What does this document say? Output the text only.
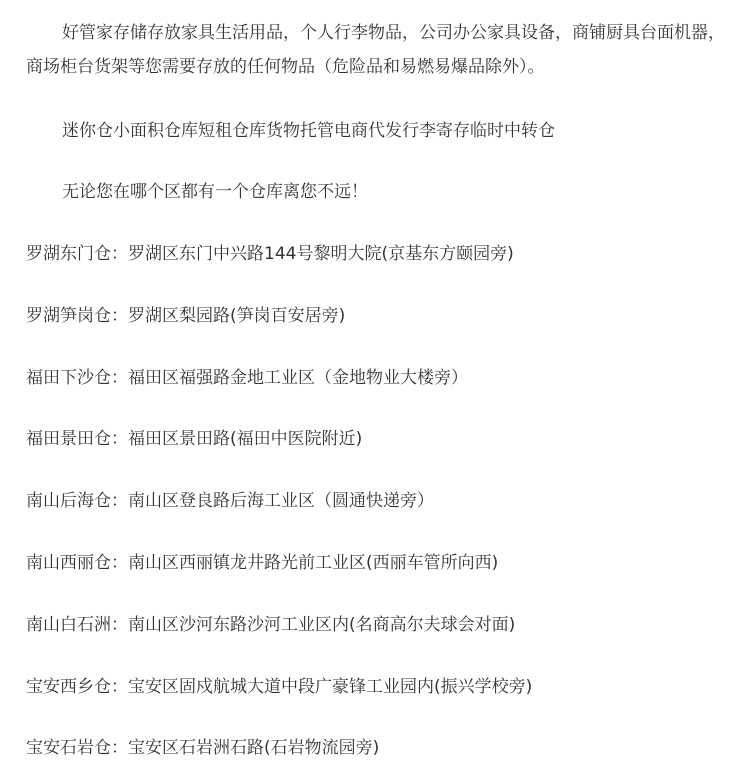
好管家存储存放家具生活用品，个人行李物品，公司办公家具设备，商铺厨具台面机器，商场柜台货架等您需要存放的任何物品（危险品和易燃易爆品除外）。

迷你仓小面积仓库短租仓库货物托管电商代发行李寄存临时中转仓

无论您在哪个区都有一个仓库离您不远！

罗湖东门仓：罗湖区东门中兴路144号黎明大院(京基东方颐园旁)

罗湖笋岗仓：罗湖区梨园路(笋岗百安居旁)

福田下沙仓：福田区福强路金地工业区（金地物业大楼旁）

福田景田仓：福田区景田路(福田中医院附近)

南山后海仓：南山区登良路后海工业区（圆通快递旁）

南山西丽仓：南山区西丽镇龙井路光前工业区(西丽车管所向西)

南山白石洲：南山区沙河东路沙河工业区内(名商高尔夫球会对面)

宝安西乡仓：宝安区固戍航城大道中段广豪锋工业园内(振兴学校旁)

宝安石岩仓：宝安区石岩洲石路(石岩物流园旁)
